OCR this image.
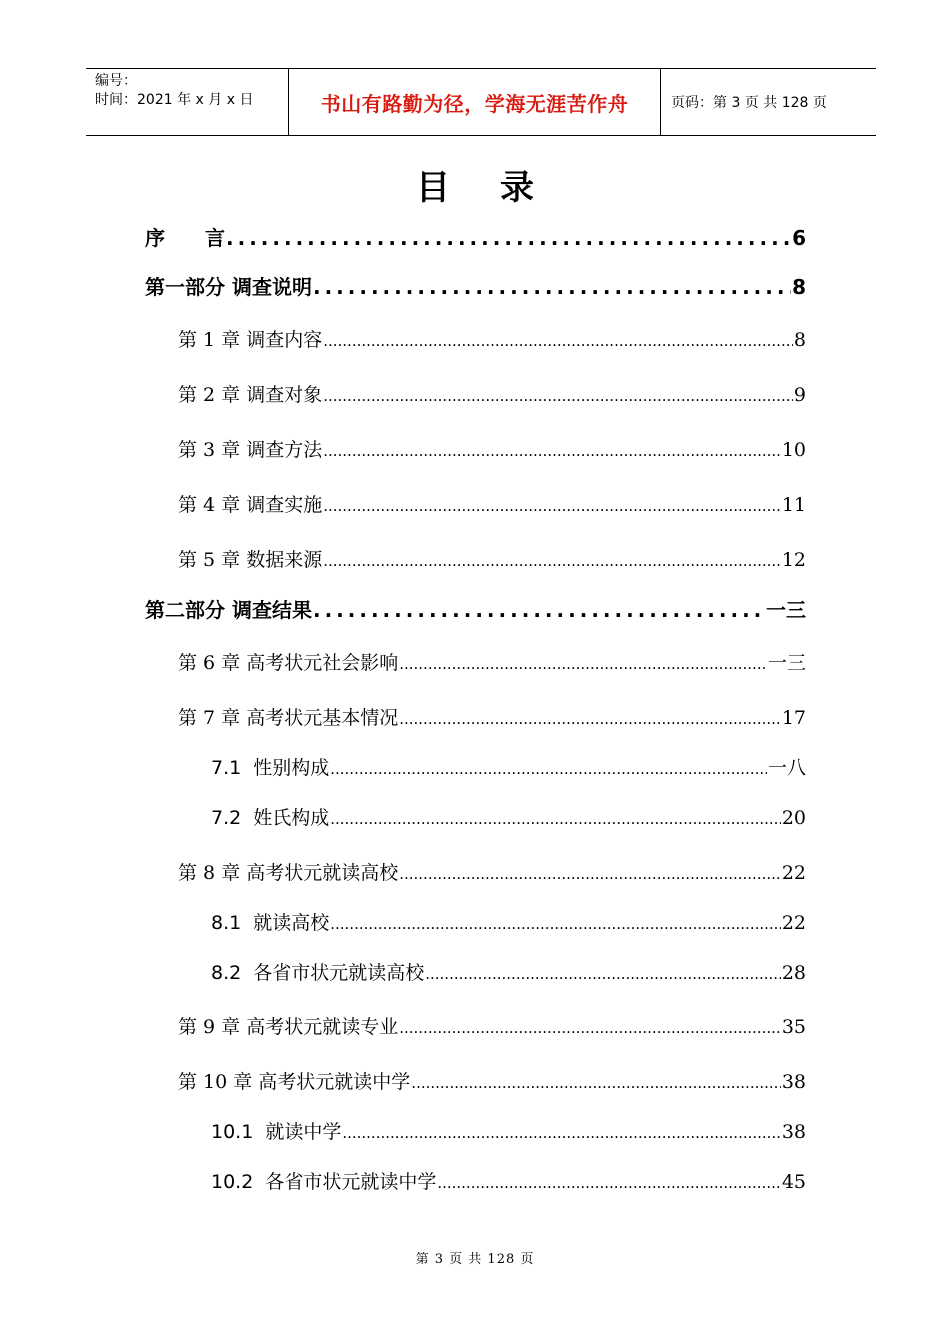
编号：
时间：2021 年 x 月 x 日	书山有路勤为径，学海无涯苦作舟	页码：第 3 页 共 128 页
目录
序　　言 .....	6
第一部分 调查说明 .....	8
第 1 章 调查内容 .....	8
第 2 章 调查对象 .....	9
第 3 章 调查方法 .....	10
第 4 章 调查实施 .....	11
第 5 章 数据来源 .....	12
第二部分 调查结果 .....	一三
第 6 章 高考状元社会影响 .....	一三
第 7 章 高考状元基本情况 .....	17
7.1 性别构成 .....	一八
7.2 姓氏构成 .....	20
第 8 章 高考状元就读高校 .....	22
8.1 就读高校 .....	22
8.2 各省市状元就读高校 .....	28
第 9 章 高考状元就读专业 .....	35
第 10 章 高考状元就读中学 .....	38
10.1 就读中学 .....	38
10.2 各省市状元就读中学 .....	45
第 3 页 共 128 页
